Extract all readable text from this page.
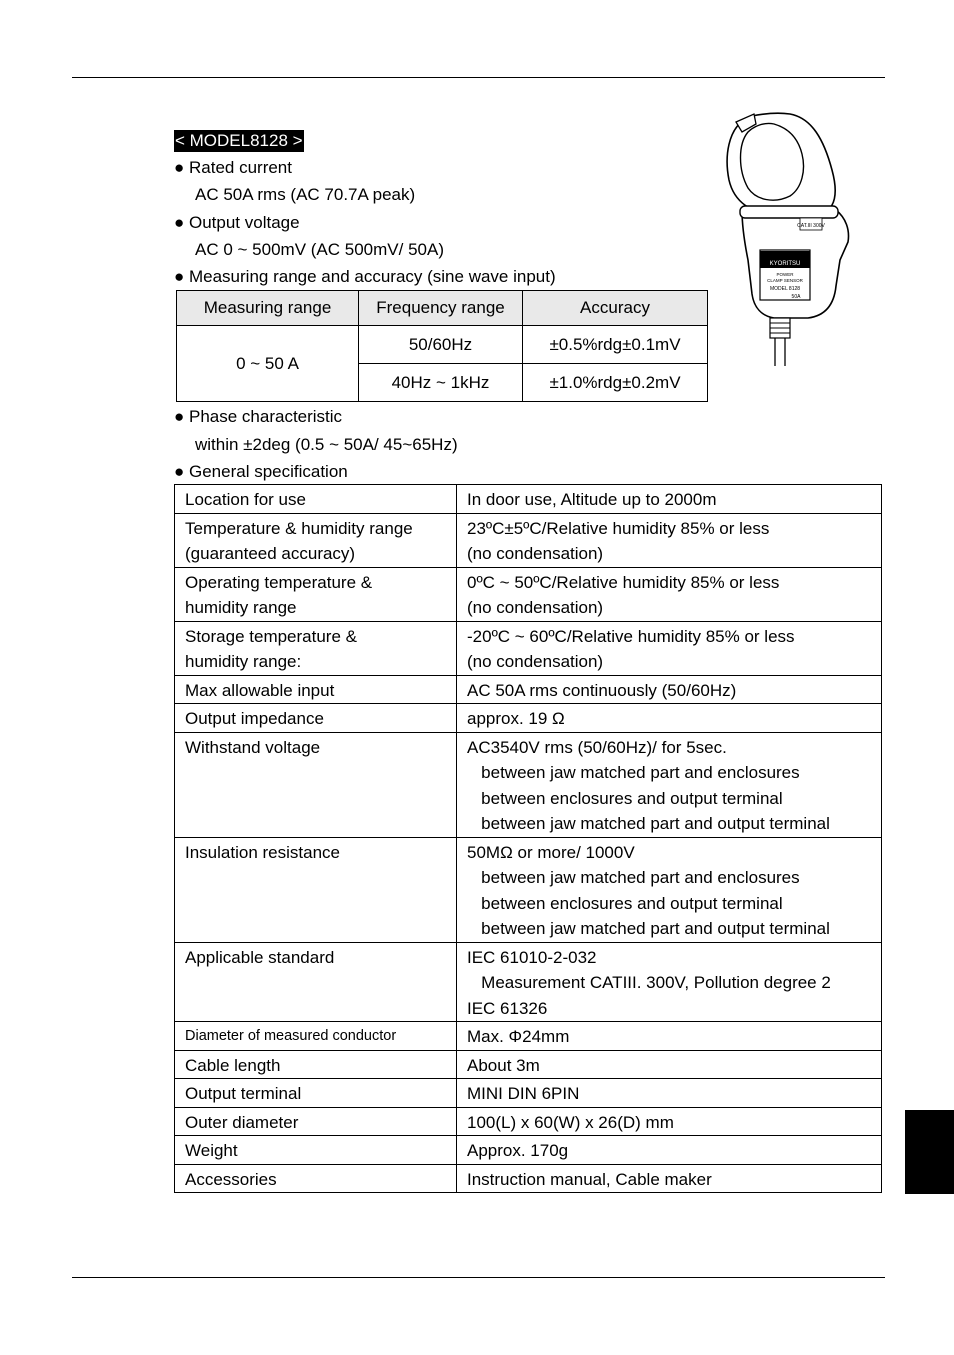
< MODEL8128 >
● Rated current
AC 50A rms (AC 70.7A peak)
● Output voltage
AC 0 ~ 500mV (AC 500mV/ 50A)
● Measuring range and accuracy (sine wave input)
Measuring range	Frequency range	Accuracy
0 ~ 50 A	50/60Hz	±0.5%rdg±0.1mV
	40Hz ~ 1kHz	±1.0%rdg±0.2mV
● Phase characteristic
within ±2deg (0.5 ~ 50A/ 45~65Hz)
● General specification
Location for use	In door use, Altitude up to 2000m
Temperature & humidity range
(guaranteed accuracy)	23ºC±5ºC/Relative humidity 85% or less
(no condensation)
Operating temperature &
humidity range	0ºC ~ 50ºC/Relative humidity 85% or less
(no condensation)
Storage temperature &
humidity range:	-20ºC ~ 60ºC/Relative humidity 85% or less
(no condensation)
Max allowable input	AC 50A rms continuously (50/60Hz)
Output impedance	approx. 19 Ω
Withstand voltage	AC3540V rms (50/60Hz)/ for 5sec.
between jaw matched part and enclosures
between enclosures and output terminal
between jaw matched part and output terminal
Insulation resistance	50MΩ or more/ 1000V
between jaw matched part and enclosures
between enclosures and output terminal
between jaw matched part and output terminal
Applicable standard	IEC 61010-2-032
Measurement CATIII. 300V, Pollution degree 2
IEC 61326
Diameter of measured conductor	Max. Φ24mm
Cable length	About 3m
Output terminal	MINI DIN 6PIN
Outer diameter	100(L) x 60(W) x 26(D) mm
Weight	Approx. 170g
Accessories	Instruction manual, Cable maker
CAT.III 300V
KYORITSU
POWER
CLAMP SENSOR
MODEL 8128
50A
